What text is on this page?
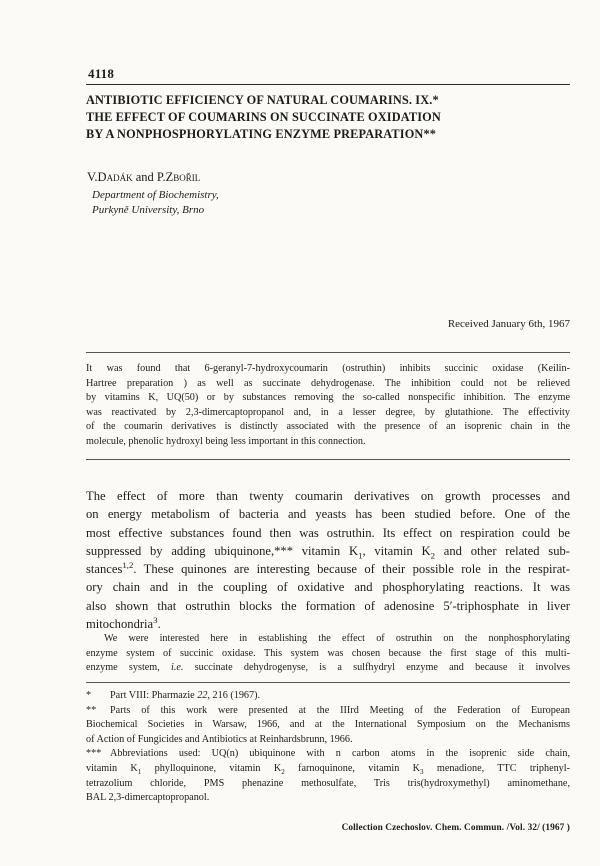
4118
ANTIBIOTIC EFFICIENCY OF NATURAL COUMARINS. IX.*
THE EFFECT OF COUMARINS ON SUCCINATE OXIDATION
BY A NONPHOSPHORYLATING ENZYME PREPARATION**
V.Dadák and P.Zbořil
Department of Biochemistry,
Purkyně University, Brno
Received January 6th, 1967
It was found that 6-geranyl-7-hydroxycoumarin (ostruthin) inhibits succinic oxidase (Keilin-
Hartree preparation ) as well as succinate dehydrogenase. The inhibition could not be relieved
by vitamins K, UQ(50) or by substances removing the so-called nonspecific inhibition. The enzyme
was reactivated by 2,3-dimercaptopropanol and, in a lesser degree, by glutathione. The effectivity
of the coumarin derivatives is distinctly associated with the presence of an isoprenic chain in the
molecule, phenolic hydroxyl being less important in this connection.
The effect of more than twenty coumarin derivatives on growth processes and
on energy metabolism of bacteria and yeasts has been studied before. One of the
most effective substances found then was ostruthin. Its effect on respiration could be
suppressed by adding ubiquinone,*** vitamin $K_1$, vitamin $K_2$ and other related sub-
stances$^{1,2}$. These quinones are interesting because of their possible role in the respirat-
ory chain and in the coupling of oxidative and phosphorylating reactions. It was
also shown that ostruthin blocks the formation of adenosine 5′-triphosphate in liver
mitochondria$^3$.
We were interested here in establishing the effect of ostruthin on the nonphosphorylating
enzyme system of succinic oxidase. This system was chosen because the first stage of this multi-
enzyme system, i.e. succinate dehydrogenyse, is a sulfhydryl enzyme and because it involves
* Part VIII: Pharmazie 22, 216 (1967).
** Parts of this work were presented at the IIIrd Meeting of the Federation of European
Biochemical Societies in Warsaw, 1966, and at the International Symposium on the Mechanisms
of Action of Fungicides and Antibiotics at Reinhardsbrunn, 1966.
*** Abbreviations used: UQ(n) ubiquinone with n carbon atoms in the isoprenic side chain,
vitamin $K_1$ phylloquinone, vitamin $K_2$ farnoquinone, vitamin $K_3$ menadione, TTC triphenyl-
tetrazolium chloride, PMS phenazine methosulfate, Tris tris(hydroxymethyl) aminomethane,
BAL 2,3-dimercaptopropanol.
Collection Czechoslov. Chem. Commun. /Vol. 32/ (1967 )
